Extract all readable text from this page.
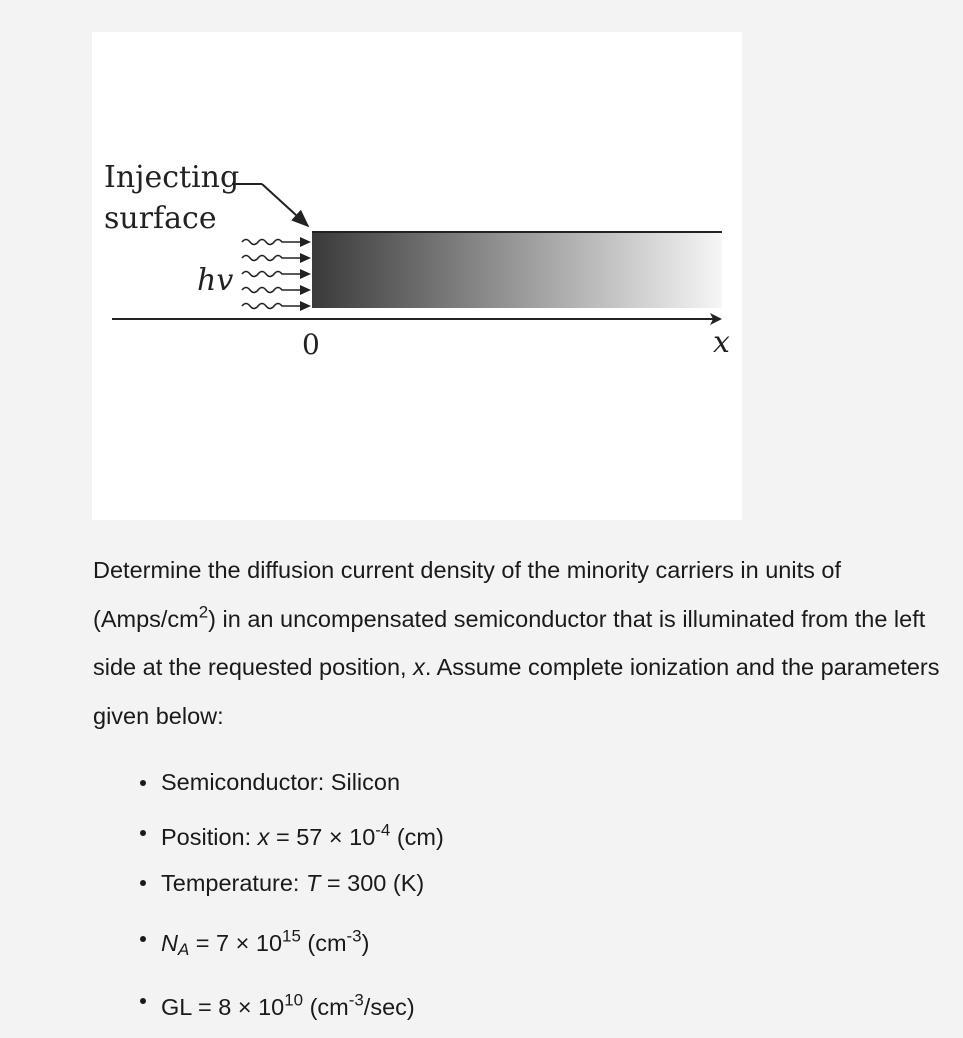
Injecting
surface
hv
0	x

Determine the diffusion current density of the minority carriers in units of $(Amps/cm^2)$ in an uncompensated semiconductor that is illuminated from the left side at the requested position, x. Assume complete ionization and the parameters given below:

Semiconductor: Silicon
Position: $x = 57 \times 10^{-4}$ (cm)
Temperature: T = 300 (K)
$N_A = 7 \times 10^{15}$ $(cm^{-3})$
GL = $8 \times 10^{10}$ $(cm^{-3}/\sec)$
